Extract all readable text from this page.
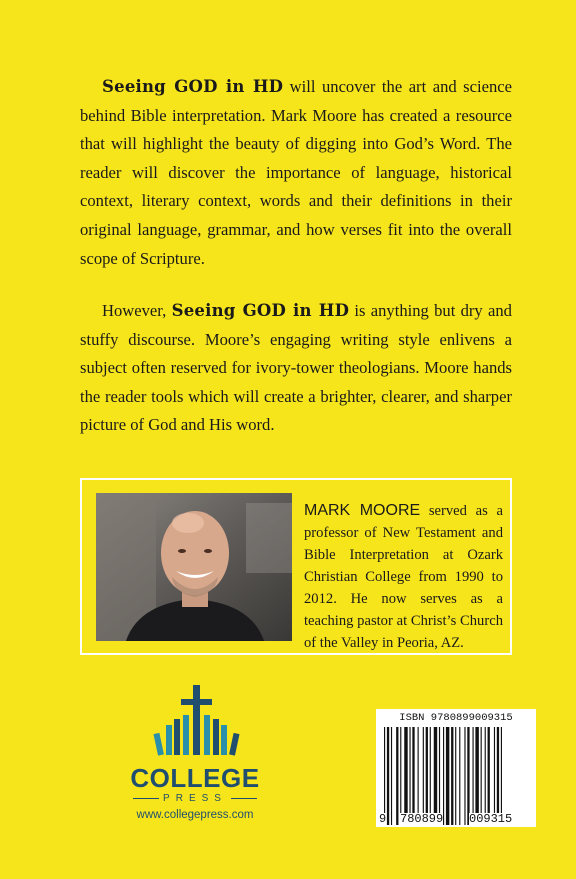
Seeing GOD in HD will uncover the art and science behind Bible interpretation. Mark Moore has created a resource that will highlight the beauty of digging into God’s Word. The reader will discover the importance of language, historical context, literary context, words and their definitions in their original language, grammar, and how verses fit into the overall scope of Scripture.

However, Seeing GOD in HD is anything but dry and stuffy discourse. Moore’s engaging writing style enlivens a subject often reserved for ivory-tower theologians. Moore hands the reader tools which will create a brighter, clearer, and sharper picture of God and His word.

MARK MOORE served as a professor of New Testament and Bible Interpretation at Ozark Christian College from 1990 to 2012. He now serves as a teaching pastor at Christ’s Church of the Valley in Peoria, AZ.

COLLEGE
PRESS
www.collegepress.com
ISBN 9780899009315
9 780899 009315
